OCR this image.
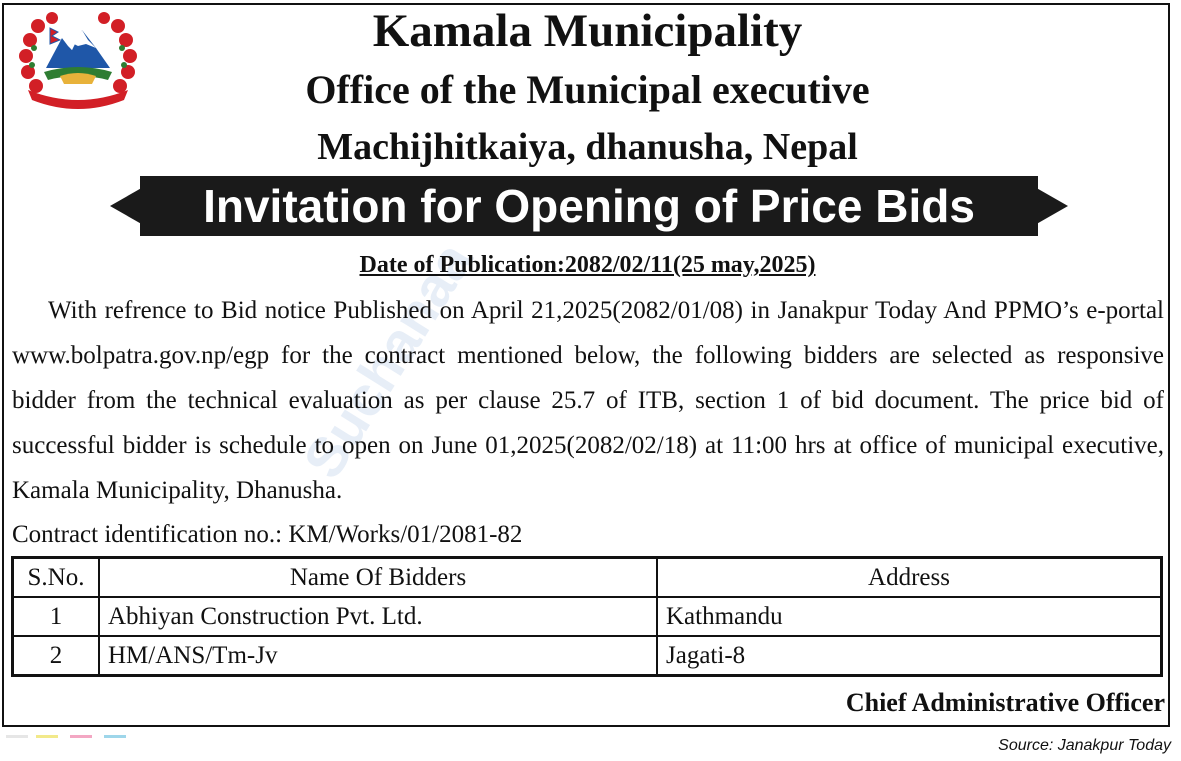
Suchanaa
Kamala Municipality
Office of the Municipal executive
Machijhitkaiya, dhanusha, Nepal
Invitation for Opening of Price Bids
Date of Publication:2082/02/11(25 may,2025)
With refrence to Bid notice Published on April 21,2025(2082/01/08) in Janakpur Today And PPMO’s e-portal www.bolpatra.gov.np/egp for the contract mentioned below, the following bidders are selected as responsive bidder from the technical evaluation as per clause 25.7 of ITB, section 1 of bid document. The price bid of successful bidder is schedule to open on June 01,2025(2082/02/18) at 11:00 hrs at office of municipal executive, Kamala Municipality, Dhanusha.
Contract identification no.: KM/Works/01/2081-82
S.No.	Name Of Bidders	Address
1	Abhiyan Construction Pvt. Ltd.	Kathmandu
2	HM/ANS/Tm-Jv	Jagati-8
Chief Administrative Officer
Source: Janakpur Today
